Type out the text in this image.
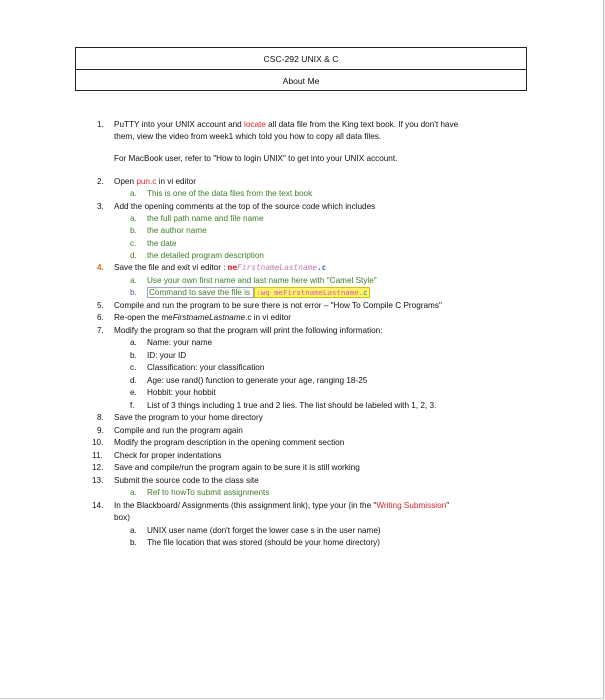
CSC-292 UNIX & C
About Me
1. PuTTY into your UNIX account and locate all data file from the King text book. If you don't have
them, view the video from week1 which told you how to copy all data files.
For MacBook user, refer to "How to login UNIX" to get into your UNIX account.
2. Open pun.c in vi editor
a. This is one of the data files from the text book
3. Add the opening comments at the top of the source code which includes
a. the full path name and file name
b. the author name
c. the date
d. the detailed program description
4. Save the file and exit vi editor : meFirstnameLastname.c
a. Use your own first name and last name here with "Camel Style"
b. Command to save the file is :wq meFirstnameLastname.c
5. Compile and run the program to be sure there is not error – "How To Compile C Programs"
6. Re-open the meFirstnameLastname.c in vi editor
7. Modify the program so that the program will print the following information:
a. Name: your name
b. ID: your ID
c. Classification: your classification
d. Age: use rand() function to generate your age, ranging 18-25
e. Hobbit: your hobbit
f. List of 3 things including 1 true and 2 lies. The list should be labeled with 1, 2, 3.
8. Save the program to your home directory
9. Compile and run the program again
10. Modify the program description in the opening comment section
11. Check for proper indentations
12. Save and compile/run the program again to be sure it is still working
13. Submit the source code to the class site
a. Ref to howTo submit assignments
14. In the Blackboard/ Assignments (this assignment link), type your (in the "Writing Submission"
box)
a. UNIX user name (don't forget the lower case s in the user name)
b. The file location that was stored (should be your home directory)
